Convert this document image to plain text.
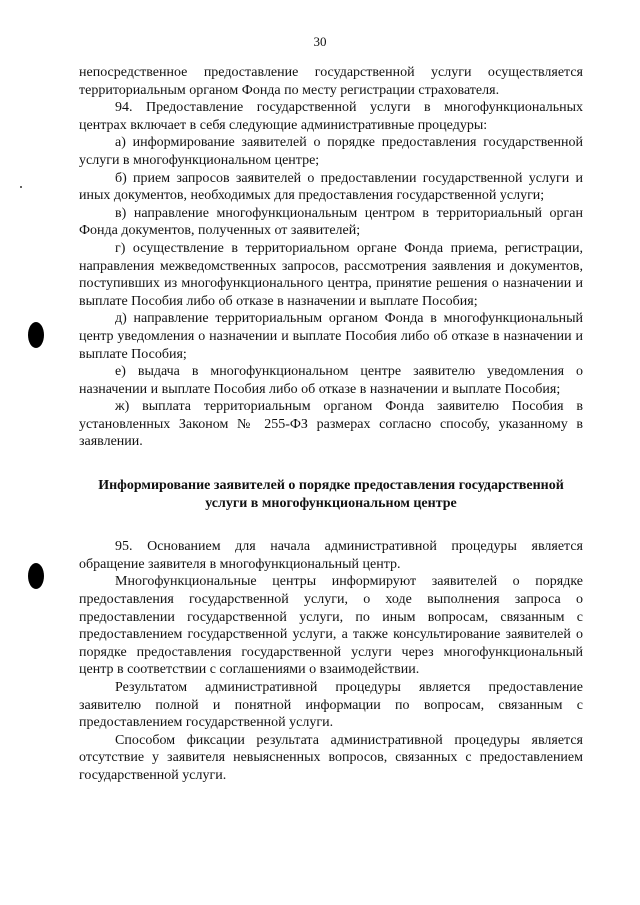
30

непосредственное предоставление государственной услуги осуществляется территориальным органом Фонда по месту регистрации страхователя.

94. Предоставление государственной услуги в многофункциональных центрах включает в себя следующие административные процедуры:

а) информирование заявителей о порядке предоставления государственной услуги в многофункциональном центре;

б) прием запросов заявителей о предоставлении государственной услуги и иных документов, необходимых для предоставления государственной услуги;

в) направление многофункциональным центром в территориальный орган Фонда документов, полученных от заявителей;

г) осуществление в территориальном органе Фонда приема, регистрации, направления межведомственных запросов, рассмотрения заявления и документов, поступивших из многофункционального центра, принятие решения о назначении и выплате Пособия либо об отказе в назначении и выплате Пособия;

д) направление территориальным органом Фонда в многофункциональный центр уведомления о назначении и выплате Пособия либо об отказе в назначении и выплате Пособия;

е) выдача в многофункциональном центре заявителю уведомления о назначении и выплате Пособия либо об отказе в назначении и выплате Пособия;

ж) выплата территориальным органом Фонда заявителю Пособия в установленных Законом № 255-ФЗ размерах согласно способу, указанному в заявлении.

Информирование заявителей о порядке предоставления государственной услуги в многофункциональном центре

95. Основанием для начала административной процедуры является обращение заявителя в многофункциональный центр.

Многофункциональные центры информируют заявителей о порядке предоставления государственной услуги, о ходе выполнения запроса о предоставлении государственной услуги, по иным вопросам, связанным с предоставлением государственной услуги, а также консультирование заявителей о порядке предоставления государственной услуги через многофункциональный центр в соответствии с соглашениями о взаимодействии.

Результатом административной процедуры является предоставление заявителю полной и понятной информации по вопросам, связанным с предоставлением государственной услуги.

Способом фиксации результата административной процедуры является отсутствие у заявителя невыясненных вопросов, связанных с предоставлением государственной услуги.
